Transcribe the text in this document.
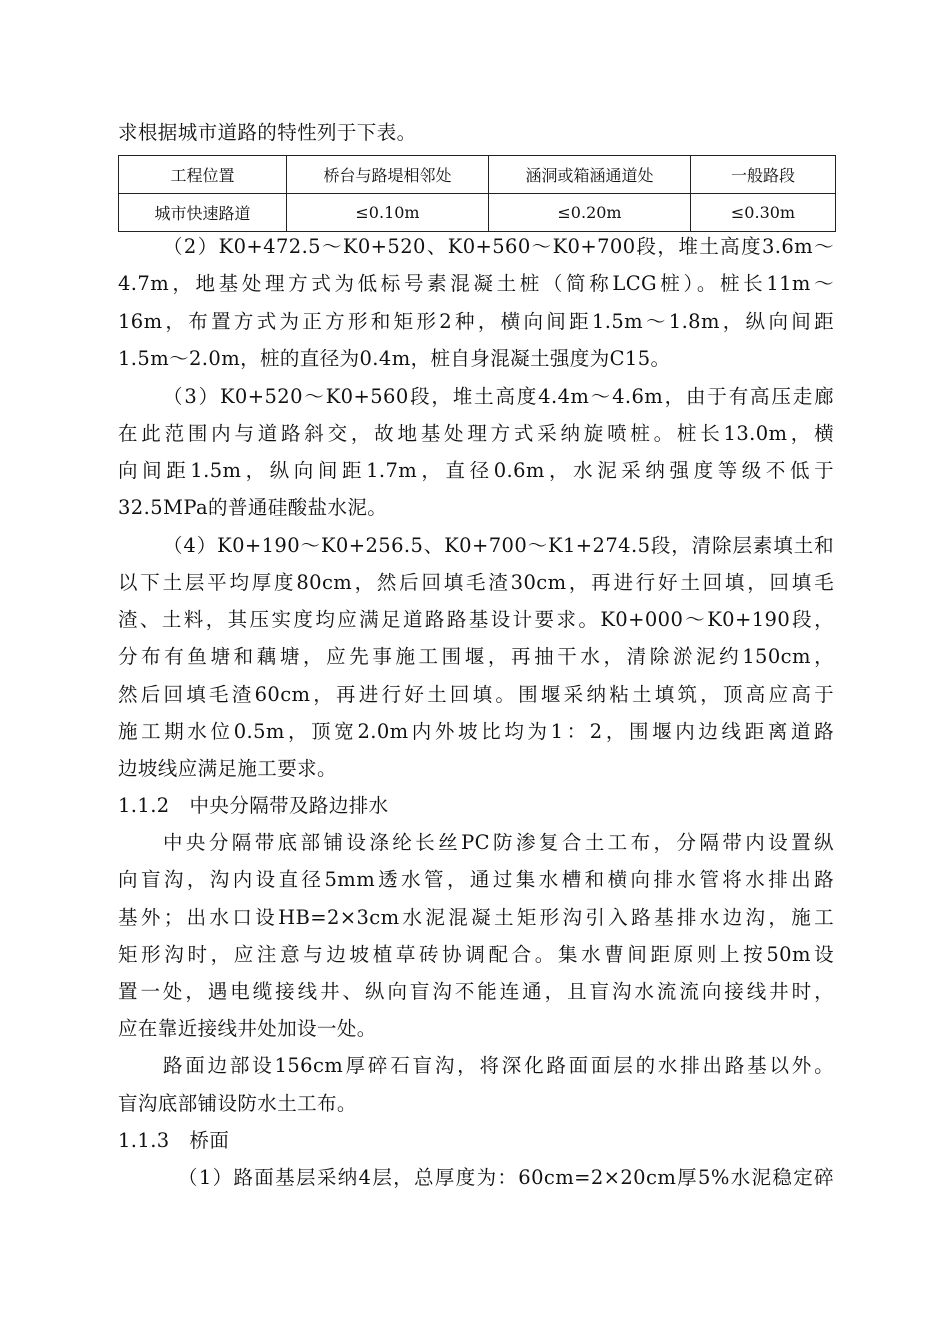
求根据城市道路的特性列于下表。
工程位置	桥台与路堤相邻处	涵洞或箱涵通道处	一般路段
城市快速路道	≤0.10m	≤0.20m	≤0.30m
（2）K0+472.5～K0+520、K0+560～K0+700段，堆土高度3.6m～
4.7m，地基处理方式为低标号素混凝土桩（简称LCG桩）。桩长11m～
16m，布置方式为正方形和矩形2种，横向间距1.5m～1.8m，纵向间距
1.5m～2.0m，桩的直径为0.4m，桩自身混凝土强度为C15。
（3）K0+520～K0+560段，堆土高度4.4m～4.6m，由于有高压走廊
在此范围内与道路斜交，故地基处理方式采纳旋喷桩。桩长13.0m，横
向间距1.5m，纵向间距1.7m，直径0.6m，水泥采纳强度等级不低于
32.5MPa的普通硅酸盐水泥。
（4）K0+190～K0+256.5、K0+700～K1+274.5段，清除层素填土和
以下土层平均厚度80cm，然后回填毛渣30cm，再进行好土回填，回填毛
渣、土料，其压实度均应满足道路路基设计要求。K0+000～K0+190段，
分布有鱼塘和藕塘，应先事施工围堰，再抽干水，清除淤泥约150cm，
然后回填毛渣60cm，再进行好土回填。围堰采纳粘土填筑，顶高应高于
施工期水位0.5m，顶宽2.0m内外坡比均为1：2，围堰内边线距离道路
边坡线应满足施工要求。
1.1.2　中央分隔带及路边排水
中央分隔带底部铺设涤纶长丝PC防渗复合土工布，分隔带内设置纵
向盲沟，沟内设直径5mm透水管，通过集水槽和横向排水管将水排出路
基外；出水口设HB=2×3cm水泥混凝土矩形沟引入路基排水边沟，施工
矩形沟时，应注意与边坡植草砖协调配合。集水曹间距原则上按50m设
置一处，遇电缆接线井、纵向盲沟不能连通，且盲沟水流流向接线井时，
应在靠近接线井处加设一处。
路面边部设156cm厚碎石盲沟，将深化路面面层的水排出路基以外。
盲沟底部铺设防水土工布。
1.1.3　桥面
（1）路面基层采纳4层，总厚度为：60cm=2×20cm厚5%水泥稳定碎
